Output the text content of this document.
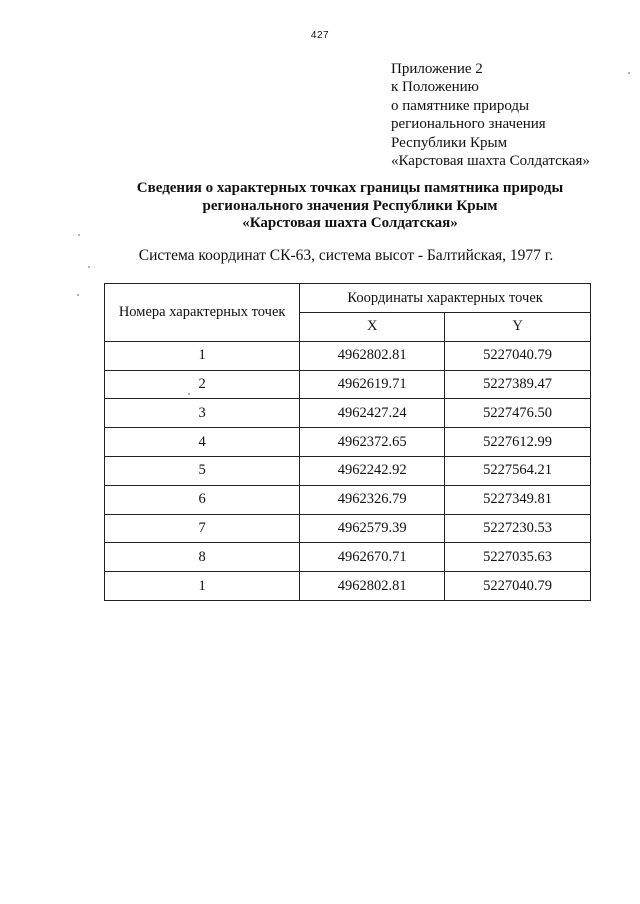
427
Приложение 2
к Положению
о памятнике природы
регионального значения
Республики Крым
«Карстовая шахта Солдатская»
Сведения о характерных точках границы памятника природы
регионального значения Республики Крым
«Карстовая шахта Солдатская»
Система координат СК-63, система высот - Балтийская, 1977 г.
Номера характерных точек	Координаты характерных точек	
	X	Y
1	4962802.81	5227040.79
2	4962619.71	5227389.47
3	4962427.24	5227476.50
4	4962372.65	5227612.99
5	4962242.92	5227564.21
6	4962326.79	5227349.81
7	4962579.39	5227230.53
8	4962670.71	5227035.63
1	4962802.81	5227040.79
